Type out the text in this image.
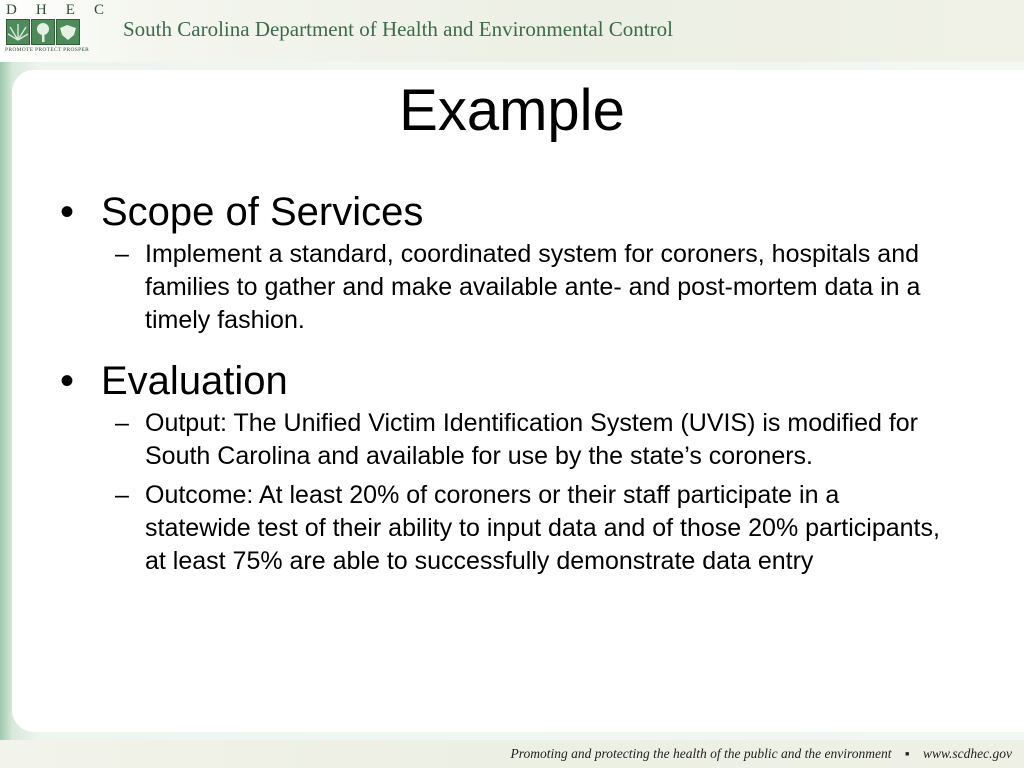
D H E C
PROMOTE PROTECT PROSPER
South Carolina Department of Health and Environmental Control
Example
• Scope of Services
– Implement a standard, coordinated system for coroners, hospitals and families to gather and make available ante- and post-mortem data in a timely fashion.
• Evaluation
– Output: The Unified Victim Identification System (UVIS) is modified for South Carolina and available for use by the state’s coroners.
– Outcome: At least 20% of coroners or their staff participate in a statewide test of their ability to input data and of those 20% participants, at least 75% are able to successfully demonstrate data entry
Promoting and protecting the health of the public and the environment ▪ www.scdhec.gov
